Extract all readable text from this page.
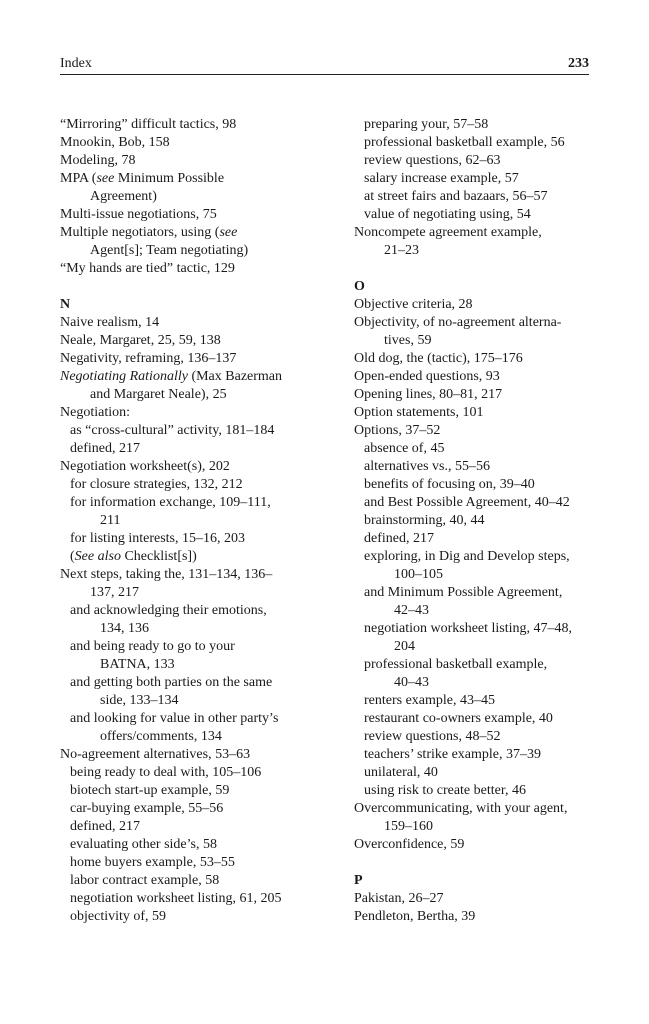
Index	233
“Mirroring” difficult tactics, 98
Mnookin, Bob, 158
Modeling, 78
MPA (see Minimum Possible
Agreement)
Multi-issue negotiations, 75
Multiple negotiators, using (see
Agent[s]; Team negotiating)
“My hands are tied” tactic, 129
N
Naive realism, 14
Neale, Margaret, 25, 59, 138
Negativity, reframing, 136–137
Negotiating Rationally (Max Bazerman
and Margaret Neale), 25
Negotiation:
as “cross-cultural” activity, 181–184
defined, 217
Negotiation worksheet(s), 202
for closure strategies, 132, 212
for information exchange, 109–111,
211
for listing interests, 15–16, 203
(See also Checklist[s])
Next steps, taking the, 131–134, 136–
137, 217
and acknowledging their emotions,
134, 136
and being ready to go to your
BATNA, 133
and getting both parties on the same
side, 133–134
and looking for value in other party’s
offers/comments, 134
No-agreement alternatives, 53–63
being ready to deal with, 105–106
biotech start-up example, 59
car-buying example, 55–56
defined, 217
evaluating other side’s, 58
home buyers example, 53–55
labor contract example, 58
negotiation worksheet listing, 61, 205
objectivity of, 59
preparing your, 57–58
professional basketball example, 56
review questions, 62–63
salary increase example, 57
at street fairs and bazaars, 56–57
value of negotiating using, 54
Noncompete agreement example,
21–23
O
Objective criteria, 28
Objectivity, of no-agreement alterna-
tives, 59
Old dog, the (tactic), 175–176
Open-ended questions, 93
Opening lines, 80–81, 217
Option statements, 101
Options, 37–52
absence of, 45
alternatives vs., 55–56
benefits of focusing on, 39–40
and Best Possible Agreement, 40–42
brainstorming, 40, 44
defined, 217
exploring, in Dig and Develop steps,
100–105
and Minimum Possible Agreement,
42–43
negotiation worksheet listing, 47–48,
204
professional basketball example,
40–43
renters example, 43–45
restaurant co-owners example, 40
review questions, 48–52
teachers’ strike example, 37–39
unilateral, 40
using risk to create better, 46
Overcommunicating, with your agent,
159–160
Overconfidence, 59
P
Pakistan, 26–27
Pendleton, Bertha, 39
